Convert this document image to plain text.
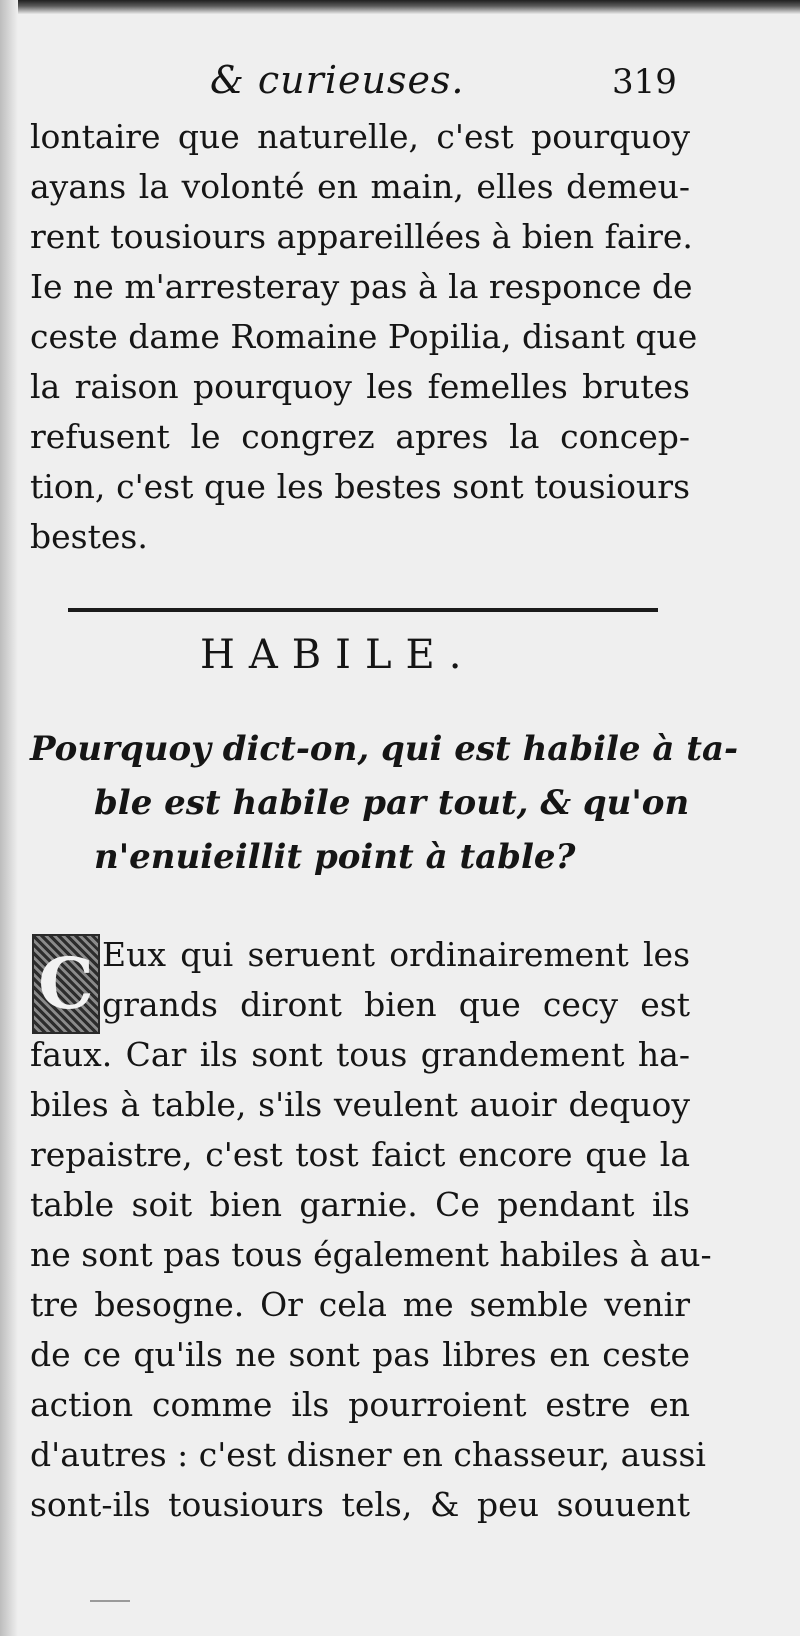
& curieuses.	319
lontaire que naturelle, c'est pourquoy
ayans la volonté en main, elles demeu-
rent tousiours appareillées à bien faire.
Ie ne m'arresteray pas à la responce de
ceste dame Romaine Popilia, disant que
la raison pourquoy les femelles brutes
refusent le congrez apres la concep-
tion, c'est que les bestes sont tousiours
bestes.
HABILE.
Pourquoy dict-on, qui est habile à ta-
ble est habile par tout, & qu'on
n'enuieillit point à table?
C Eux qui seruent ordinairement les
grands diront bien que cecy est
faux. Car ils sont tous grandement ha-
biles à table, s'ils veulent auoir dequoy
repaistre, c'est tost faict encore que la
table soit bien garnie. Ce pendant ils
ne sont pas tous également habiles à au-
tre besogne. Or cela me semble venir
de ce qu'ils ne sont pas libres en ceste
action comme ils pourroient estre en
d'autres : c'est disner en chasseur, aussi
sont-ils tousiours tels, & peu souuent
